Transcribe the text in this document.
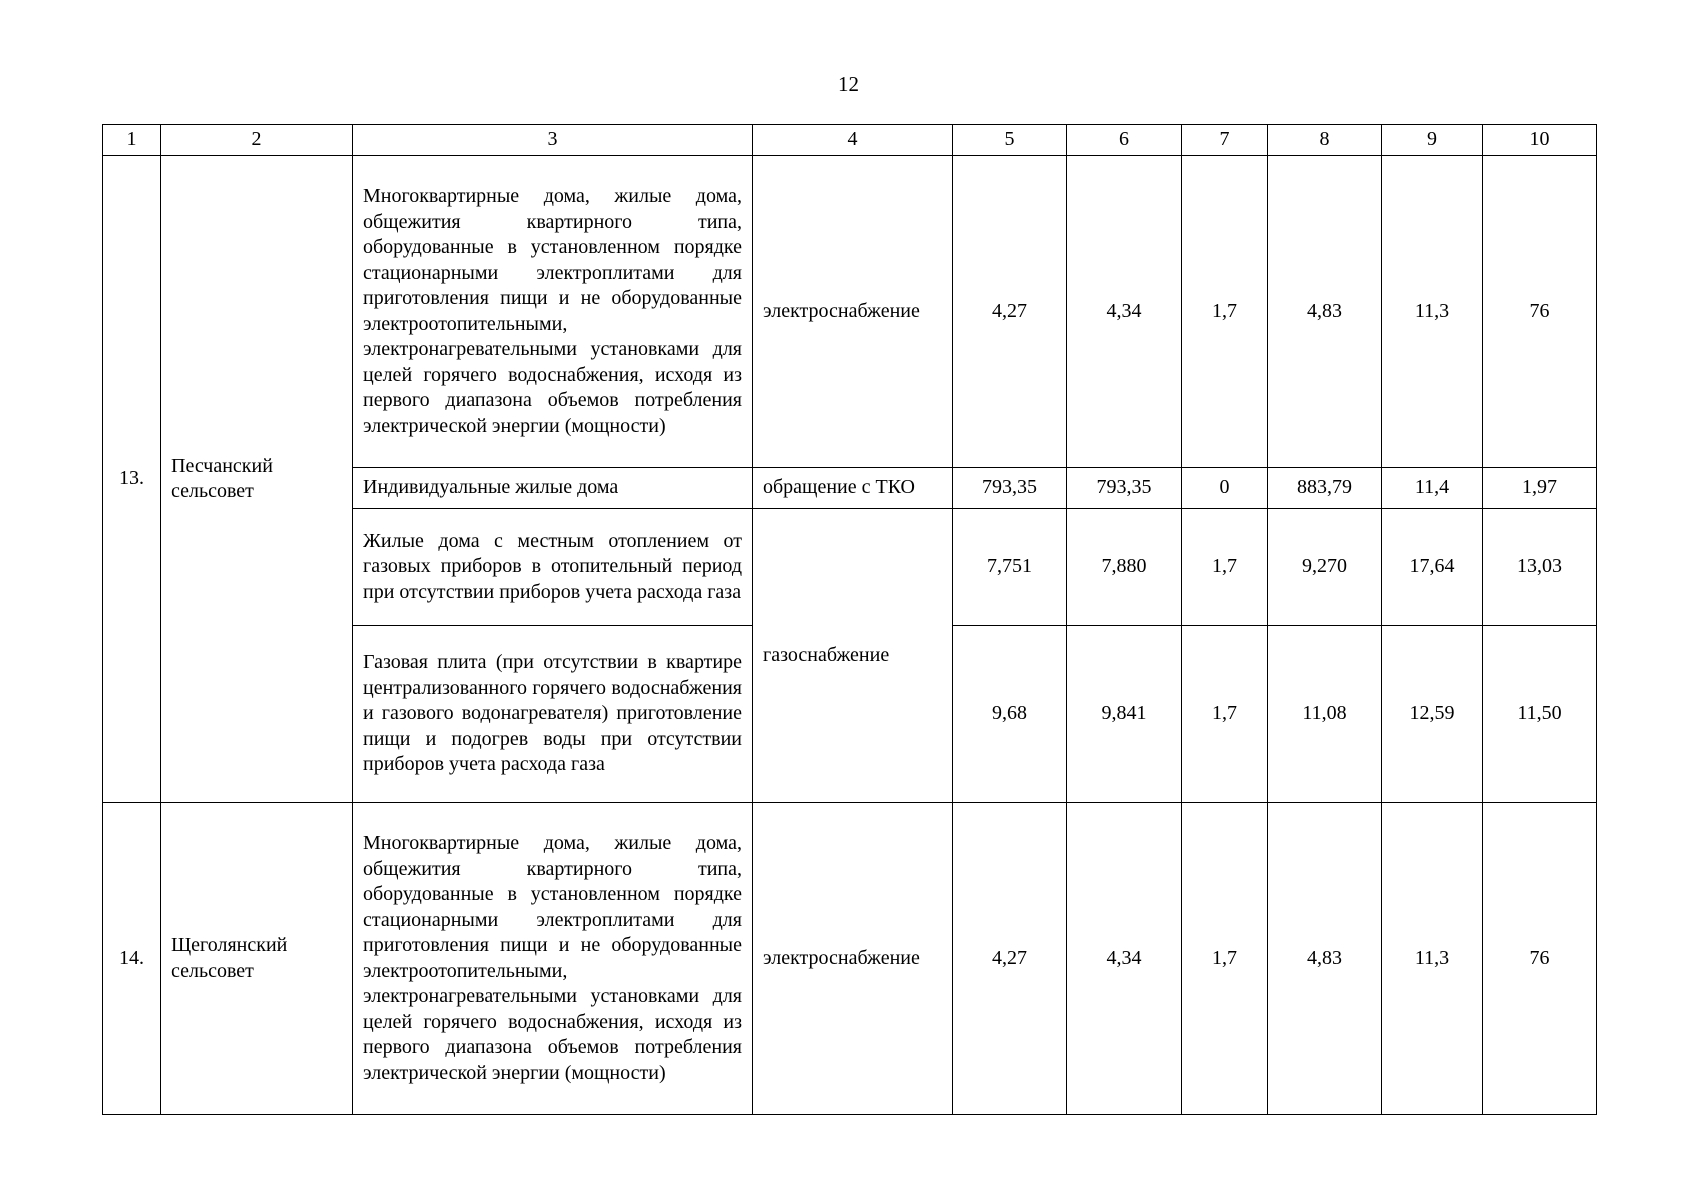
12
1	2	3	4	5	6	7	8	9	10
13.	Песчанский сельсовет	Многоквартирные дома, жилые дома, общежития квартирного типа, оборудованные в установленном порядке стационарными электроплитами для приготовления пищи и не оборудованные электроотопительными, электронагревательными установками для целей горячего водоснабжения, исходя из первого диапазона объемов потребления электрической энергии (мощности)	электроснабжение	4,27	4,34	1,7	4,83	11,3	76
		Индивидуальные жилые дома	обращение с ТКО	793,35	793,35	0	883,79	11,4	1,97
		Жилые дома с местным отоплением от газовых приборов в отопительный период при отсутствии приборов учета расхода газа	газоснабжение	7,751	7,880	1,7	9,270	17,64	13,03
		Газовая плита (при отсутствии в квартире централизованного горячего водоснабжения и газового водонагревателя) приготовление пищи и подогрев воды при отсутствии приборов учета расхода газа		9,68	9,841	1,7	11,08	12,59	11,50
14.	Щеголянский сельсовет	Многоквартирные дома, жилые дома, общежития квартирного типа, оборудованные в установленном порядке стационарными электроплитами для приготовления пищи и не оборудованные электроотопительными, электронагревательными установками для целей горячего водоснабжения, исходя из первого диапазона объемов потребления электрической энергии (мощности)	электроснабжение	4,27	4,34	1,7	4,83	11,3	76
